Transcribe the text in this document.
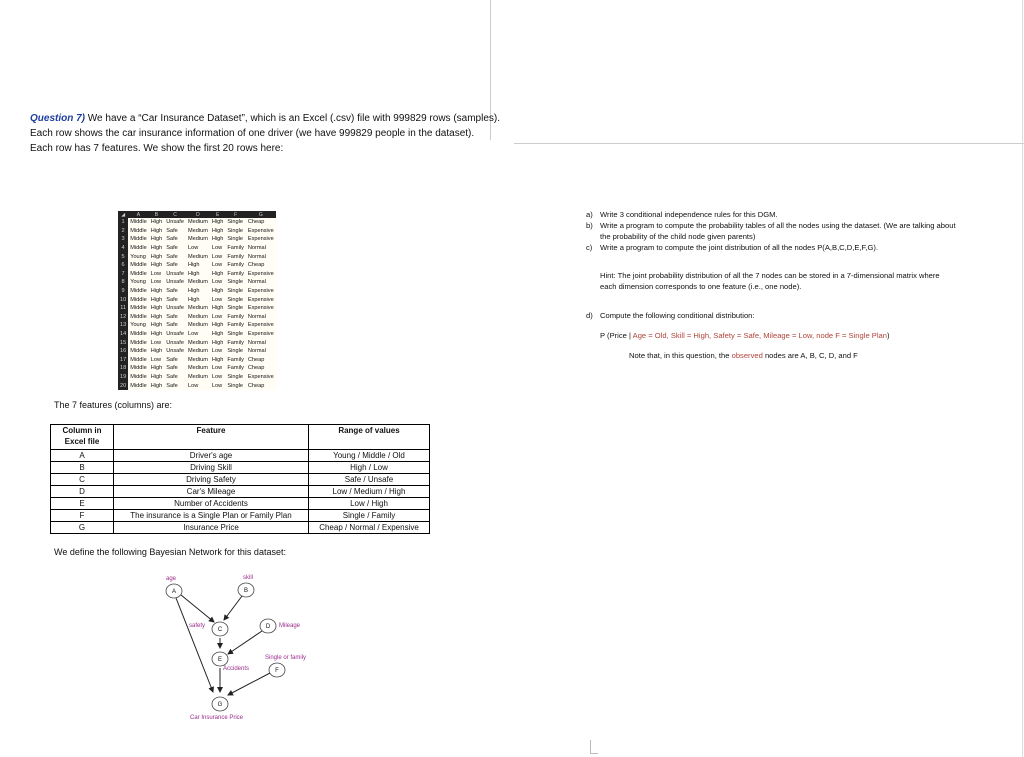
Question 7) We have a “Car Insurance Dataset”, which is an Excel (.csv) file with 999829 rows (samples).
Each row shows the car insurance information of one driver (we have 999829 people in the dataset).
Each row has 7 features. We show the first 20 rows here:
◢	A	B	C	D	E	F	G
1	Middle	High	Unsafe	Medium	High	Single	Cheap
2	Middle	High	Safe	Medium	High	Single	Expensive
3	Middle	High	Safe	Medium	High	Single	Expensive
4	Middle	High	Safe	Low	Low	Family	Normal
5	Young	High	Safe	Medium	Low	Family	Normal
6	Middle	High	Safe	High	Low	Family	Cheap
7	Middle	Low	Unsafe	High	High	Family	Expensive
8	Young	Low	Unsafe	Medium	Low	Single	Normal
9	Middle	High	Safe	High	High	Single	Expensive
10	Middle	High	Safe	High	Low	Single	Expensive
11	Middle	High	Unsafe	Medium	High	Single	Expensive
12	Middle	High	Safe	Medium	Low	Family	Normal
13	Young	High	Safe	Medium	High	Family	Expensive
14	Middle	High	Unsafe	Low	High	Single	Expensive
15	Middle	Low	Unsafe	Medium	High	Family	Normal
16	Middle	High	Unsafe	Medium	Low	Single	Normal
17	Middle	Low	Safe	Medium	High	Family	Cheap
18	Middle	High	Safe	Medium	Low	Family	Cheap
19	Middle	High	Safe	Medium	Low	Single	Expensive
20	Middle	High	Safe	Low	Low	Single	Cheap
The 7 features (columns) are:
Column in Excel file	Feature	Range of values
A	Driver's age	Young / Middle / Old
B	Driving Skill	High / Low
C	Driving Safety	Safe / Unsafe
D	Car's Mileage	Low / Medium / High
E	Number of Accidents	Low / High
F	The insurance is a Single Plan or Family Plan	Single / Family
G	Insurance Price	Cheap / Normal / Expensive
We define the following Bayesian Network for this dataset:
A	B
C	D
E
F
G
age	skill
safety	Mileage
Accidents
Single or family
Car Insurance Price
a) Write 3 conditional independence rules for this DGM.
b) Write a program to compute the probability tables of all the nodes using the dataset. (We are talking about the probability of the child node given parents)
c)	Write a program to compute the joint distribution of all the nodes P(A,B,C,D,E,F,G).
Hint: The joint probability distribution of all the 7 nodes can be stored in a 7-dimensional matrix where each dimension corresponds to one feature (i.e., one node).
d) Compute the following conditional distribution:
P (Price | Age = Old, Skill = High, Safety = Safe, Mileage = Low, node F = Single Plan)
Note that, in this question, the observed nodes are A, B, C, D, and F
